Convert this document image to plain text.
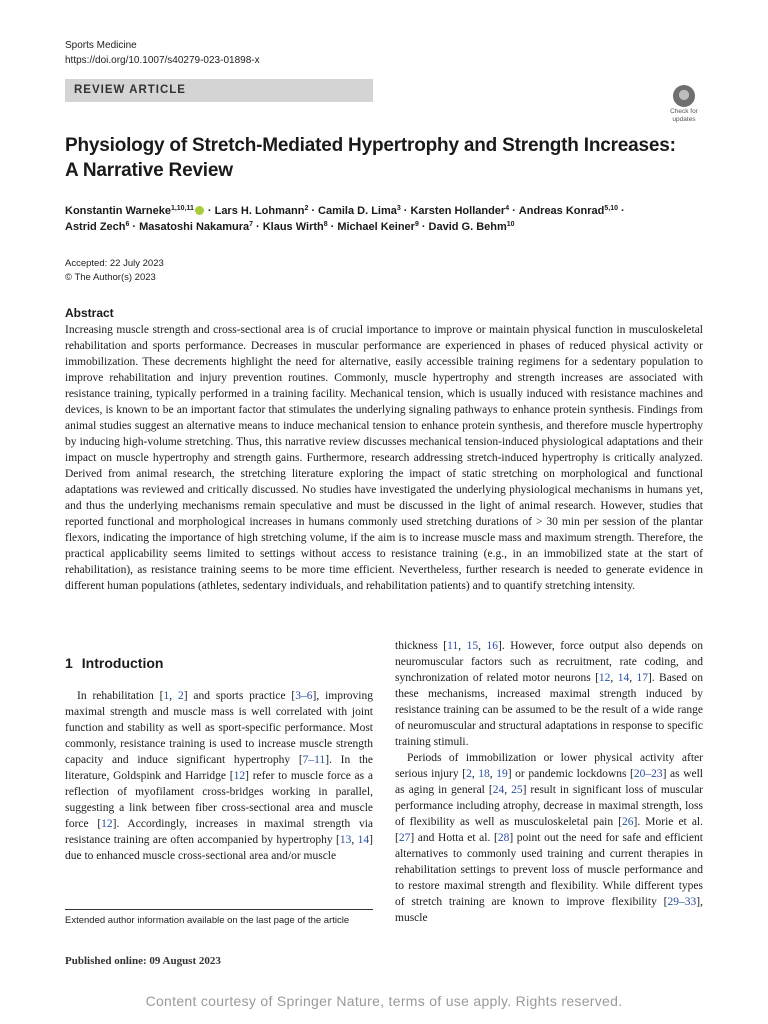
Sports Medicine
https://doi.org/10.1007/s40279-023-01898-x
REVIEW ARTICLE
Check for
updates
Physiology of Stretch-Mediated Hypertrophy and Strength Increases: A Narrative Review
Konstantin Warneke$^{1,10,11}$ · Lars H. Lohmann$^2$ · Camila D. Lima$^3$ · Karsten Hollander$^4$ · Andreas Konrad$^{5,10}$ ·
Astrid Zech$^6$ · Masatoshi Nakamura$^7$ · Klaus Wirth$^8$ · Michael Keiner$^9$ · David G. Behm$^{10}$
Accepted: 22 July 2023
© The Author(s) 2023
Abstract
Increasing muscle strength and cross-sectional area is of crucial importance to improve or maintain physical function in musculoskeletal rehabilitation and sports performance. Decreases in muscular performance are experienced in phases of reduced physical activity or immobilization. These decrements highlight the need for alternative, easily accessible training regimens for a sedentary population to improve rehabilitation and injury prevention routines. Commonly, muscle hypertrophy and strength increases are associated with resistance training, typically performed in a training facility. Mechanical tension, which is usually induced with resistance machines and devices, is known to be an important factor that stimulates the underlying signaling pathways to enhance protein synthesis. Findings from animal studies suggest an alternative means to induce mechanical tension to enhance protein synthesis, and therefore muscle hypertrophy by inducing high-volume stretching. Thus, this narrative review discusses mechanical tension-induced physiological adaptations and their impact on muscle hypertrophy and strength gains. Furthermore, research addressing stretch-induced hypertrophy is critically analyzed. Derived from animal research, the stretching literature exploring the impact of static stretching on morphological and functional adaptations was reviewed and critically discussed. No studies have investigated the underlying physiological mechanisms in humans yet, and thus the underlying mechanisms remain speculative and must be discussed in the light of animal research. However, studies that reported functional and morphological increases in humans commonly used stretching durations of > 30 min per session of the plantar flexors, indicating the importance of high stretching volume, if the aim is to increase muscle mass and maximum strength. Therefore, the practical applicability seems limited to settings without access to resistance training (e.g., in an immobilized state at the start of rehabilitation), as resistance training seems to be more time efficient. Nevertheless, further research is needed to generate evidence in different human populations (athletes, sedentary individuals, and rehabilitation patients) and to quantify stretching intensity.
1 Introduction

In rehabilitation [1, 2] and sports practice [3–6], improving maximal strength and muscle mass is well correlated with joint function and stability as well as sport-specific performance. Most commonly, resistance training is used to increase muscle strength capacity and induce significant hypertrophy [7–11]. In the literature, Goldspink and Harridge [12] refer to muscle force as a reflection of myofilament cross-bridges working in parallel, suggesting a link between fiber cross-sectional area and muscle force [12]. Accordingly, increases in maximal strength via resistance training are often accompanied by hypertrophy [13, 14] due to enhanced muscle cross-sectional area and/or muscle

thickness [11, 15, 16]. However, force output also depends on neuromuscular factors such as recruitment, rate coding, and synchronization of related motor neurons [12, 14, 17]. Based on these mechanisms, increased maximal strength induced by resistance training can be assumed to be the result of a wide range of neuromuscular and structural adaptations in response to specific training stimuli.

Periods of immobilization or lower physical activity after serious injury [2, 18, 19] or pandemic lockdowns [20–23] as well as aging in general [24, 25] result in significant loss of muscular performance including atrophy, decrease in maximal strength, loss of flexibility as well as musculoskeletal pain [26]. Morie et al. [27] and Hotta et al. [28] point out the need for safe and efficient alternatives to commonly used training and current therapies in rehabilitation settings to prevent loss of muscle performance and to restore maximal strength and flexibility. While different types of stretch training are known to improve flexibility [29–33], muscle

Extended author information available on the last page of the article
Published online: 09 August 2023
Content courtesy of Springer Nature, terms of use apply. Rights reserved.
